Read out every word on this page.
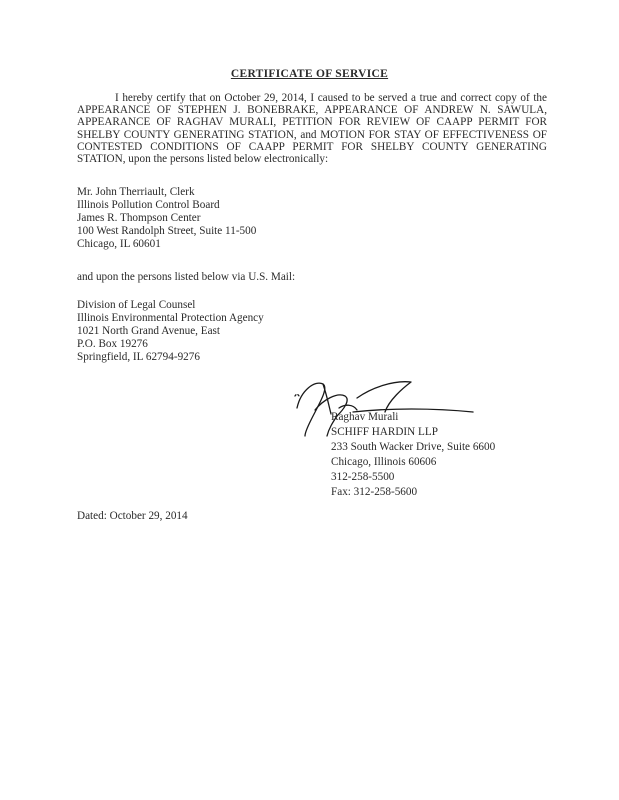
CERTIFICATE OF SERVICE
I hereby certify that on October 29, 2014, I caused to be served a true and correct copy of the APPEARANCE OF STEPHEN J. BONEBRAKE, APPEARANCE OF ANDREW N. SAWULA, APPEARANCE OF RAGHAV MURALI, PETITION FOR REVIEW OF CAAPP PERMIT FOR SHELBY COUNTY GENERATING STATION, and MOTION FOR STAY OF EFFECTIVENESS OF CONTESTED CONDITIONS OF CAAPP PERMIT FOR SHELBY COUNTY GENERATING STATION, upon the persons listed below electronically:
Mr. John Therriault, Clerk
Illinois Pollution Control Board
James R. Thompson Center
100 West Randolph Street, Suite 11-500
Chicago, IL 60601
and upon the persons listed below via U.S. Mail:
Division of Legal Counsel
Illinois Environmental Protection Agency
1021 North Grand Avenue, East
P.O. Box 19276
Springfield, IL 62794-9276
Raghav Murali
SCHIFF HARDIN LLP
233 South Wacker Drive, Suite 6600
Chicago, Illinois 60606
312-258-5500
Fax: 312-258-5600
Dated: October 29, 2014
